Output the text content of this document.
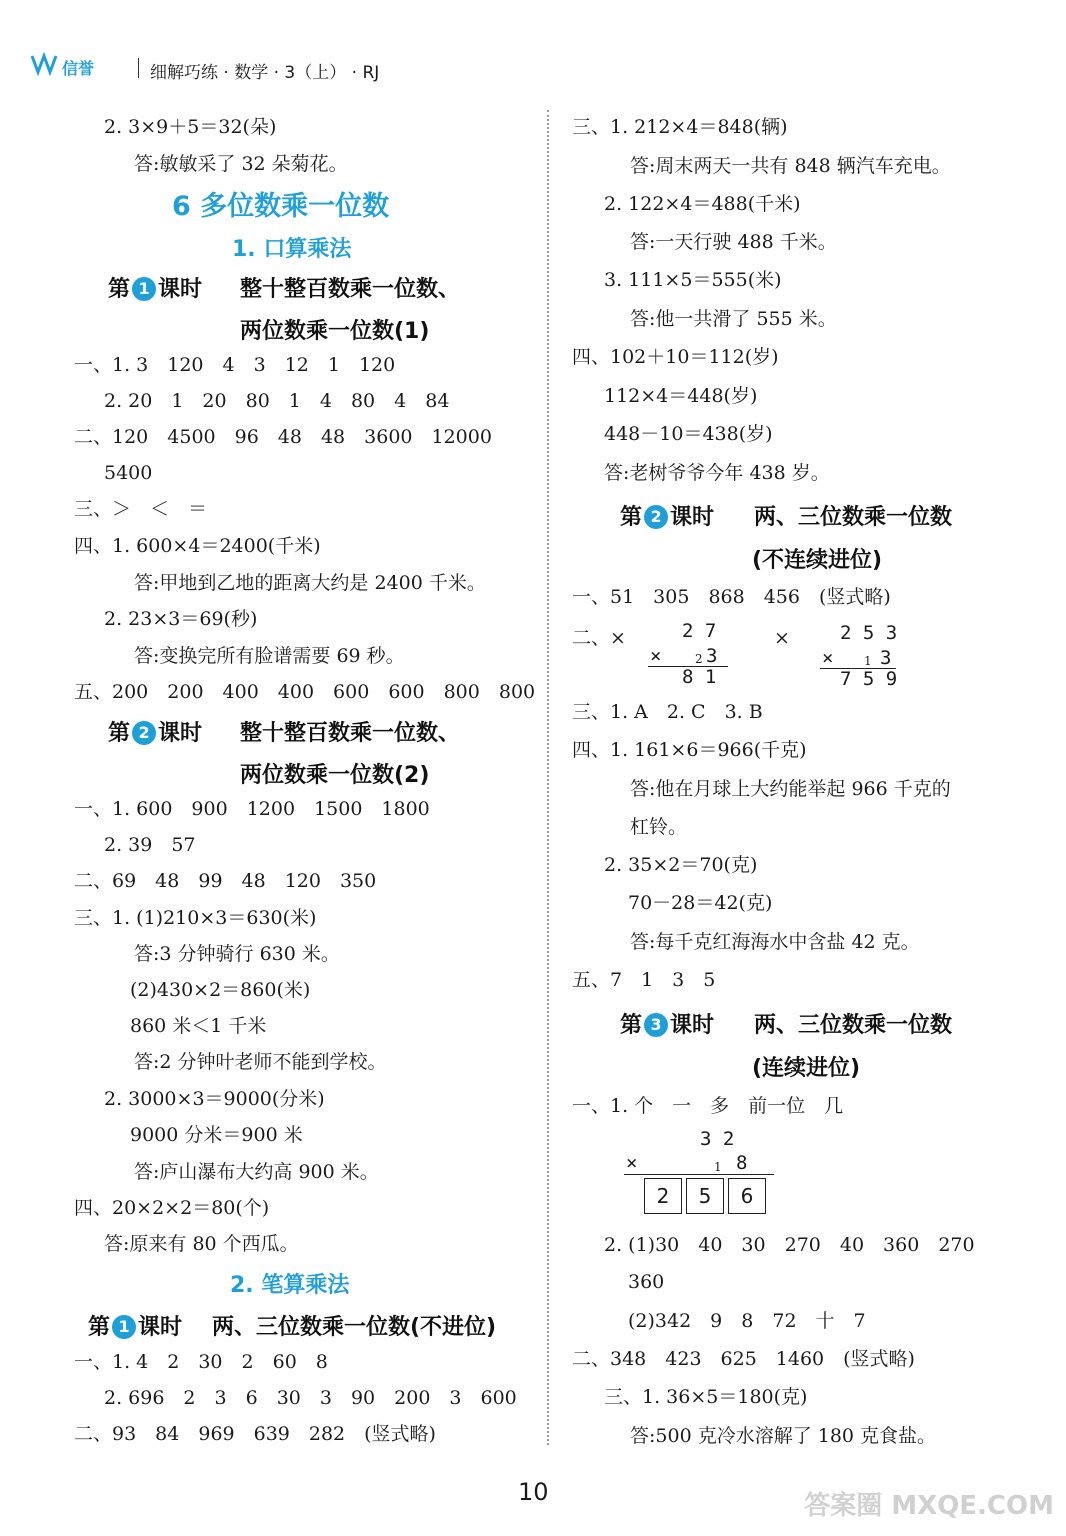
信誉	细解巧练 · 数学 · 3（上） · RJ
2. 3×9＋5＝32(朵)
答:敏敏采了 32 朵菊花。
6 多位数乘一位数
1. 口算乘法
第 1 课时 整十整百数乘一位数、
两位数乘一位数(1)
一、1. 3　120　4　3　12　1　120
2. 20　1　20　80　1　4　80　4　84
二、120　4500　96　48　48　3600　12000
5400
三、＞　＜　＝
四、1. 600×4＝2400(千米)
答:甲地到乙地的距离大约是 2400 千米。
2. 23×3＝69(秒)
答:变换完所有脸谱需要 69 秒。
五、200　200　400　400　600　600　800　800
第 2 课时 整十整百数乘一位数、
两位数乘一位数(2)
一、1. 600　900　1200　1500　1800
2. 39　57
二、69　48　99　48　120　350
三、1. (1)210×3＝630(米)
答:3 分钟骑行 630 米。
(2)430×2＝860(米)
860 米＜1 千米
答:2 分钟叶老师不能到学校。
2. 3000×3＝9000(分米)
9000 分米＝900 米
答:庐山瀑布大约高 900 米。
四、20×2×2＝80(个)
答:原来有 80 个西瓜。
2. 笔算乘法
第 1 课时 两、三位数乘一位数(不进位)
一、1. 4　2　30　2　60　8
2. 696　2　3　6　30　3　90　200　3　600
二、93　84　969　639　282　(竖式略)
三、1. 212×4＝848(辆)
答:周末两天一共有 848 辆汽车充电。
2. 122×4＝488(千米)
答:一天行驶 488 千米。
3. 111×5＝555(米)
答:他一共滑了 555 米。
四、102＋10＝112(岁)
112×4＝448(岁)
448－10＝438(岁)
答:老树爷爷今年 438 岁。
第 2 课时 两、三位数乘一位数
(不连续进位)
一、51　305　868　456　(竖式略)
二、×	2 7
×	2 3
8 1
×	2 5 3
×	1 3
7 5 9
三、1. A　2. C　3. B
四、1. 161×6＝966(千克)
答:他在月球上大约能举起 966 千克的
杠铃。
2. 35×2＝70(克)
70－28＝42(克)
答:每千克红海海水中含盐 42 克。
五、7　1　3　5
第 3 课时 两、三位数乘一位数
(连续进位)
一、1. 个　一　多　前一位　几
3 2
×	1 8
2	5	6
2. (1)30　40　30　270　40　360　270
360
(2)342　9　8　72　十　7
二、348　423　625　1460　(竖式略)
三、1. 36×5＝180(克)
答:500 克冷水溶解了 180 克食盐。
10	答案圈 MXQE.COM
